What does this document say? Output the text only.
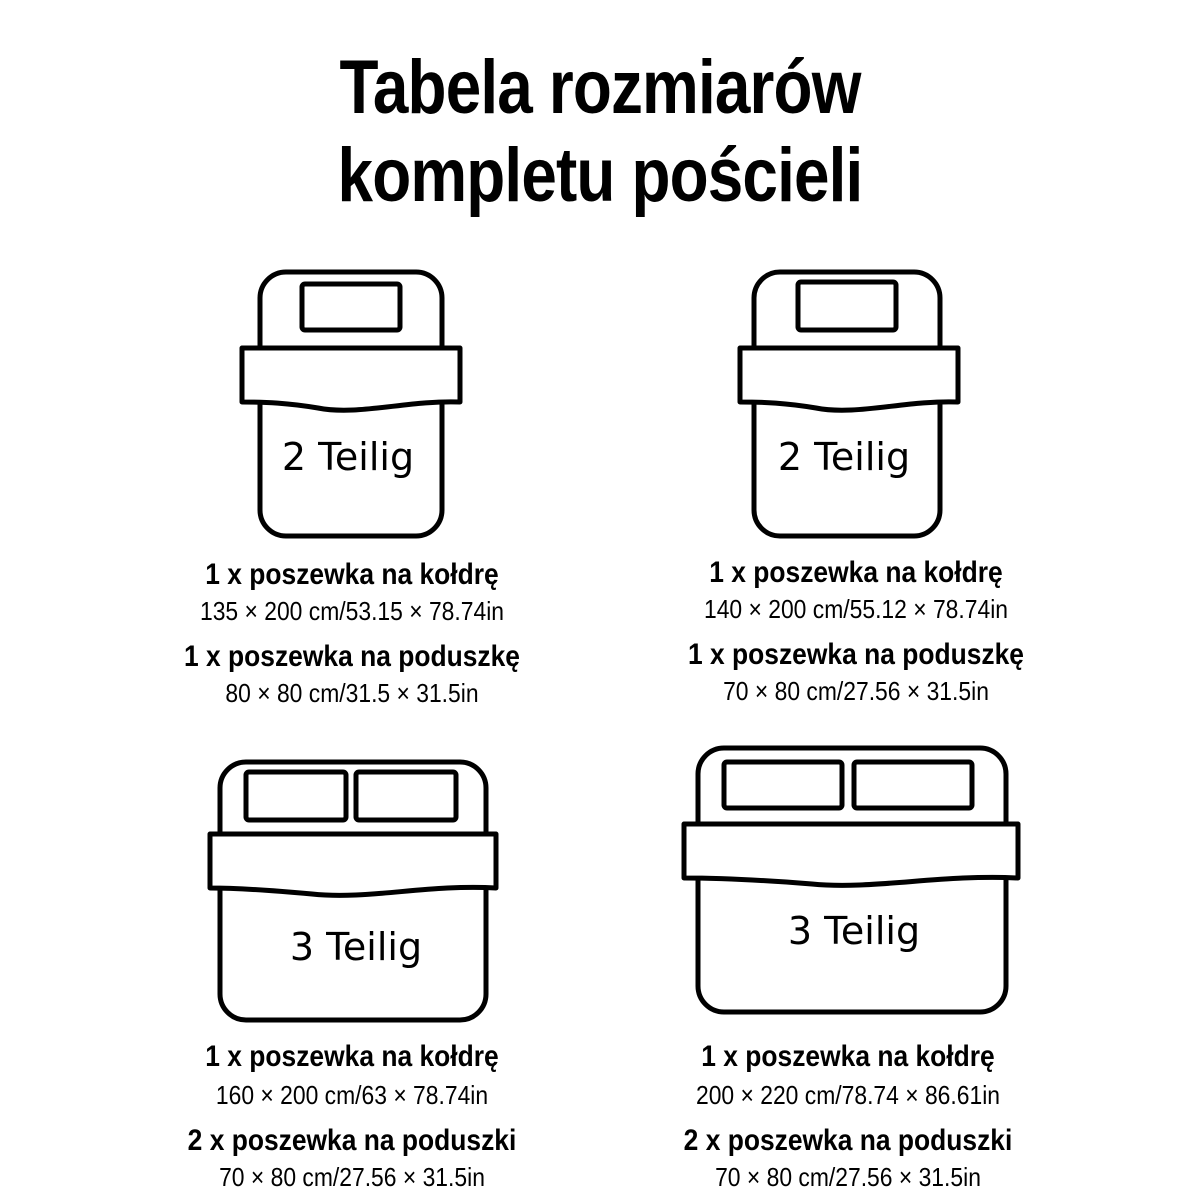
Tabela rozmiarów
kompletu pościeli
2 Teilig	2 Teilig
3 Teilig	3 Teilig
1 x poszewka na kołdrę
135 × 200 cm/53.15 × 78.74in
1 x poszewka na poduszkę
80 × 80 cm/31.5 × 31.5in
1 x poszewka na kołdrę
140 × 200 cm/55.12 × 78.74in
1 x poszewka na poduszkę
70 × 80 cm/27.56 × 31.5in
1 x poszewka na kołdrę
160 × 200 cm/63 × 78.74in
2 x poszewka na poduszki
70 × 80 cm/27.56 × 31.5in
1 x poszewka na kołdrę
200 × 220 cm/78.74 × 86.61in
2 x poszewka na poduszki
70 × 80 cm/27.56 × 31.5in
